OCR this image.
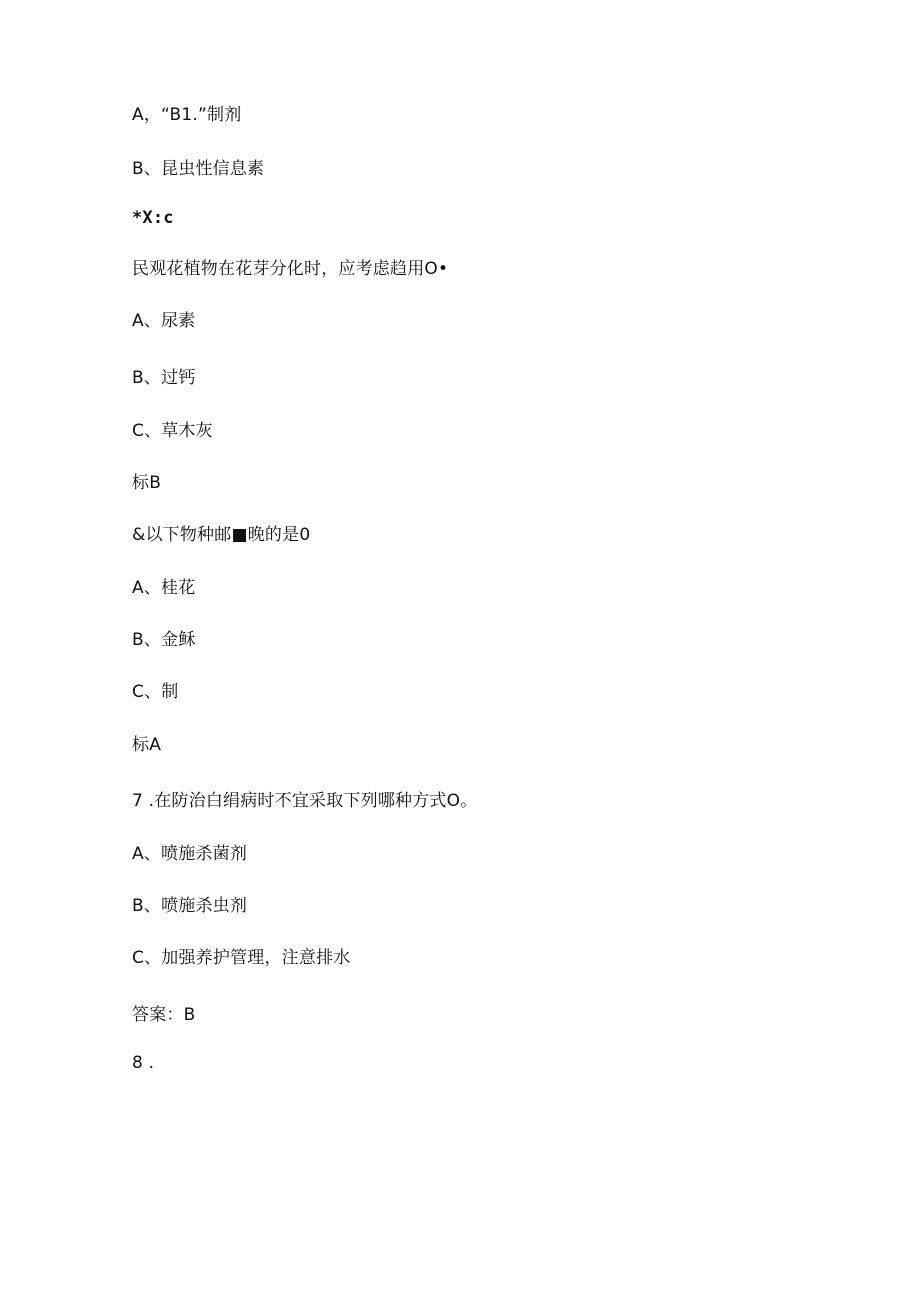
A，“B1.”制剂
B、昆虫性信息素
*X:c
民观花植物在花芽分化时，应考虑趋用O•
A、尿素
B、过钙
C、草木灰
标B
&以下物种邮■晚的是0
A、桂花
B、金稣
C、制
标A
7 .在防治白绢病时不宜采取下列哪种方式O。
A、喷施杀菌剂
B、喷施杀虫剂
C、加强养护管理，注意排水
答案：B
8 .
